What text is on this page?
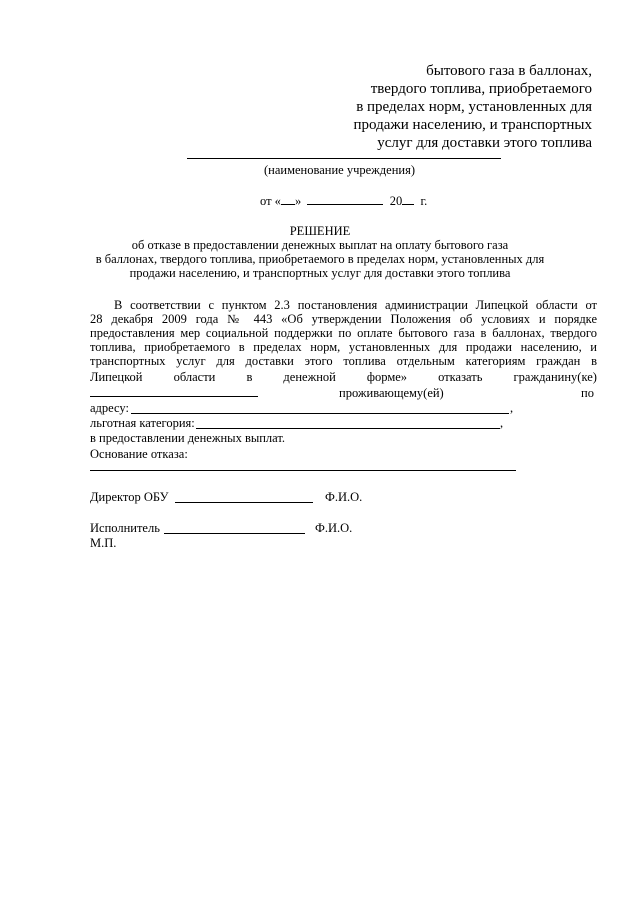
бытового газа в баллонах,
твердого топлива, приобретаемого
в пределах норм, установленных для
продажи населению, и транспортных
услуг для доставки этого топлива
(наименование учреждения)
от « »	20 г.
РЕШЕНИЕ
об отказе в предоставлении денежных выплат на оплату бытового газа
в баллонах, твердого топлива, приобретаемого в пределах норм, установленных для
продажи населению, и транспортных услуг для доставки этого топлива
В соответствии с пунктом 2.3 постановления администрации Липецкой области от
28 декабря 2009 года № 443 «Об утверждении Положения об условиях и порядке
предоставления мер социальной поддержки по оплате бытового газа в баллонах, твердого
топлива, приобретаемого в пределах норм, установленных для продажи населению, и
транспортных услуг для доставки этого топлива отдельным категориям граждан в
Липецкой области в денежной форме» отказать гражданину(ке)
проживающему(ей)	по
адресу:	,
льготная категория:	,
в предоставлении денежных выплат.
Основание отказа:
Директор ОБУ	Ф.И.О.
Исполнитель	Ф.И.О.
М.П.
